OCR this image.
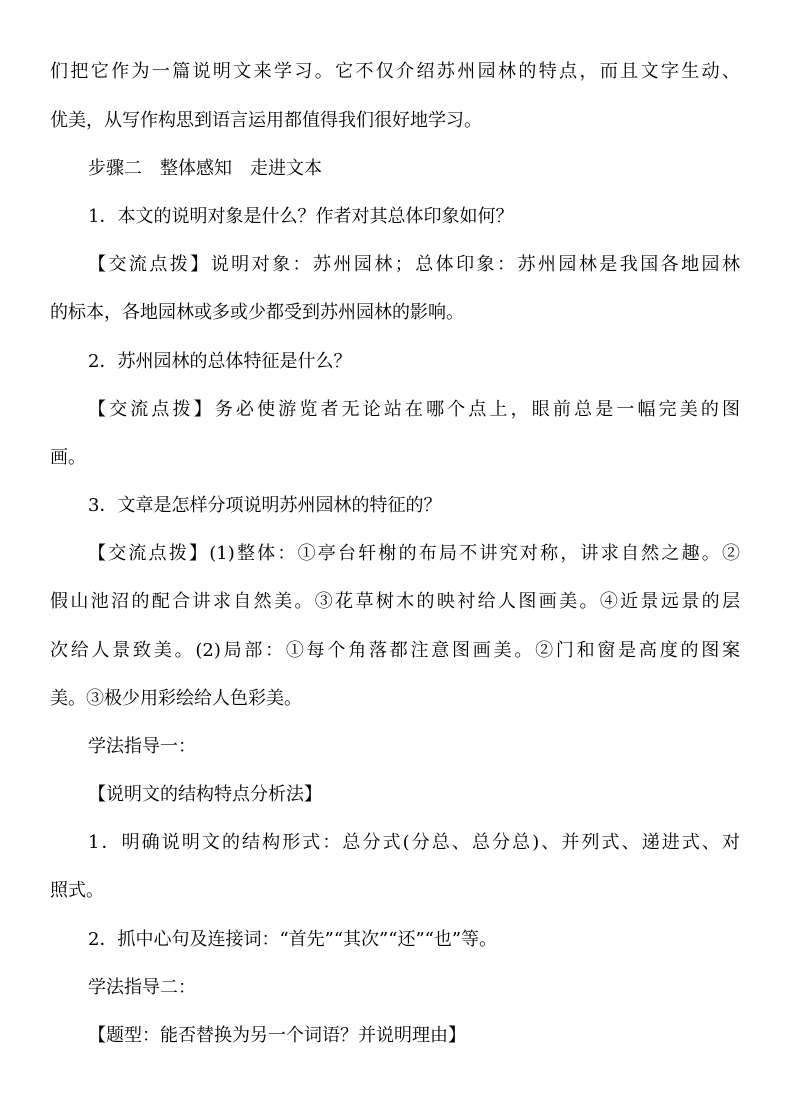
们把它作为一篇说明文来学习。它不仅介绍苏州园林的特点，而且文字生动、
优美，从写作构思到语言运用都值得我们很好地学习。
步骤二　整体感知　走进文本
1．本文的说明对象是什么？作者对其总体印象如何？
【交流点拨】说明对象：苏州园林；总体印象：苏州园林是我国各地园林
的标本，各地园林或多或少都受到苏州园林的影响。
2．苏州园林的总体特征是什么？
【交流点拨】务必使游览者无论站在哪个点上，眼前总是一幅完美的图
画。
3．文章是怎样分项说明苏州园林的特征的？
【交流点拨】(1)整体：①亭台轩榭的布局不讲究对称，讲求自然之趣。②
假山池沼的配合讲求自然美。③花草树木的映衬给人图画美。④近景远景的层
次给人景致美。(2)局部：①每个角落都注意图画美。②门和窗是高度的图案
美。③极少用彩绘给人色彩美。
学法指导一：
【说明文的结构特点分析法】
1．明确说明文的结构形式：总分式(分总、总分总)、并列式、递进式、对
照式。
2．抓中心句及连接词：“首先”“其次”“还”“也”等。
学法指导二：
【题型：能否替换为另一个词语？并说明理由】
